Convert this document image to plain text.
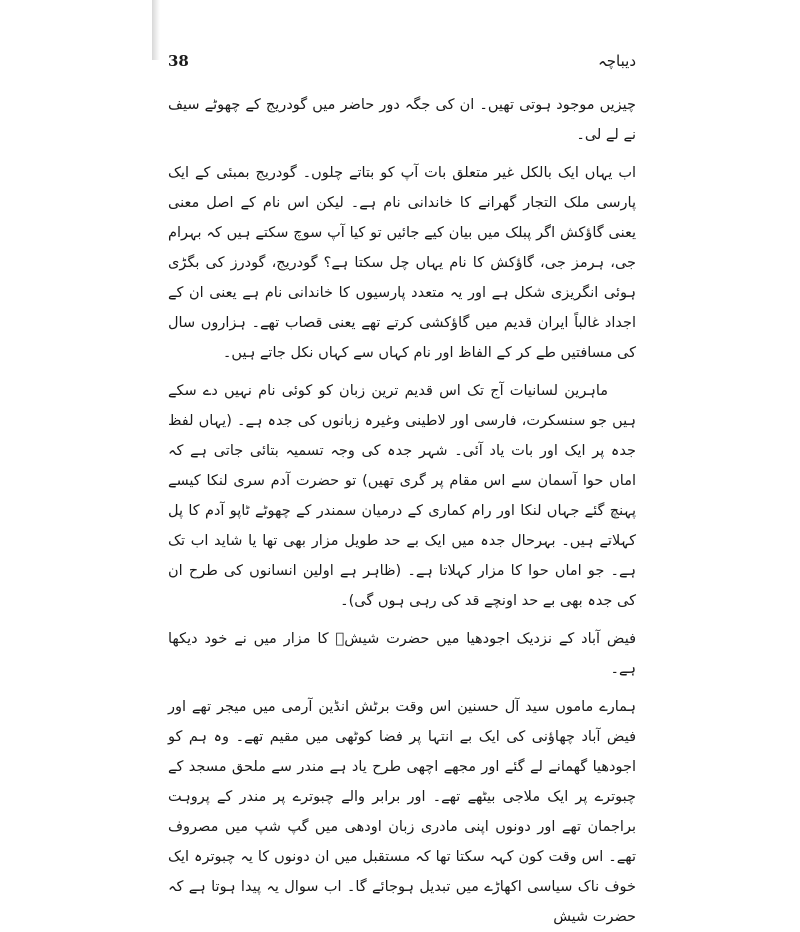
38	دیباچہ

چیزیں موجود ہوتی تھیں۔ ان کی جگہ دور حاضر میں گودریج کے چھوٹے سیف نے لے لی۔

اب یہاں ایک بالکل غیر متعلق بات آپ کو بتاتے چلوں۔ گودریج بمبئی کے ایک پارسی ملک التجار گھرانے کا خاندانی نام ہے۔ لیکن اس نام کے اصل معنی یعنی گاؤکش اگر پبلک میں بیان کیے جائیں تو کیا آپ سوچ سکتے ہیں کہ بہرام جی، ہرمز جی، گاؤکش کا نام یہاں چل سکتا ہے؟ گودریج، گودرز کی بگڑی ہوئی انگریزی شکل ہے اور یہ متعدد پارسیوں کا خاندانی نام ہے یعنی ان کے اجداد غالباً ایران قدیم میں گاؤکشی کرتے تھے یعنی قصاب تھے۔ ہزاروں سال کی مسافتیں طے کر کے الفاظ اور نام کہاں سے کہاں نکل جاتے ہیں۔

ماہرین لسانیات آج تک اس قدیم ترین زبان کو کوئی نام نہیں دے سکے ہیں جو سنسکرت، فارسی اور لاطینی وغیرہ زبانوں کی جدہ ہے۔ (یہاں لفظ جدہ پر ایک اور بات یاد آئی۔ شہر جدہ کی وجہ تسمیہ بتائی جاتی ہے کہ اماں حوا آسمان سے اس مقام پر گری تھیں) تو حضرت آدم سری لنکا کیسے پہنچ گئے جہاں لنکا اور رام کماری کے درمیان سمندر کے چھوٹے ٹاپو آدم کا پل کہلاتے ہیں۔ بہرحال جدہ میں ایک بے حد طویل مزار بھی تھا یا شاید اب تک ہے۔ جو اماں حوا کا مزار کہلاتا ہے۔ (ظاہر ہے اولین انسانوں کی طرح ان کی جدہ بھی بے حد اونچے قد کی رہی ہوں گی)۔

فیض آباد کے نزدیک اجودھیا میں حضرت شیشؑ کا مزار میں نے خود دیکھا ہے۔

ہمارے ماموں سید آل حسنین اس وقت برٹش انڈین آرمی میں میجر تھے اور فیض آباد چھاؤنی کی ایک بے انتہا پر فضا کوٹھی میں مقیم تھے۔ وہ ہم کو اجودھیا گھمانے لے گئے اور مجھے اچھی طرح یاد ہے مندر سے ملحق مسجد کے چبوترے پر ایک ملاجی بیٹھے تھے۔ اور برابر والے چبوترے پر مندر کے پروہت براجمان تھے اور دونوں اپنی مادری زبان اودھی میں گپ شپ میں مصروف تھے۔ اس وقت کون کہہ سکتا تھا کہ مستقبل میں ان دونوں کا یہ چبوترہ ایک خوف ناک سیاسی اکھاڑے میں تبدیل ہوجائے گا۔ اب سوال یہ پیدا ہوتا ہے کہ حضرت شیش
